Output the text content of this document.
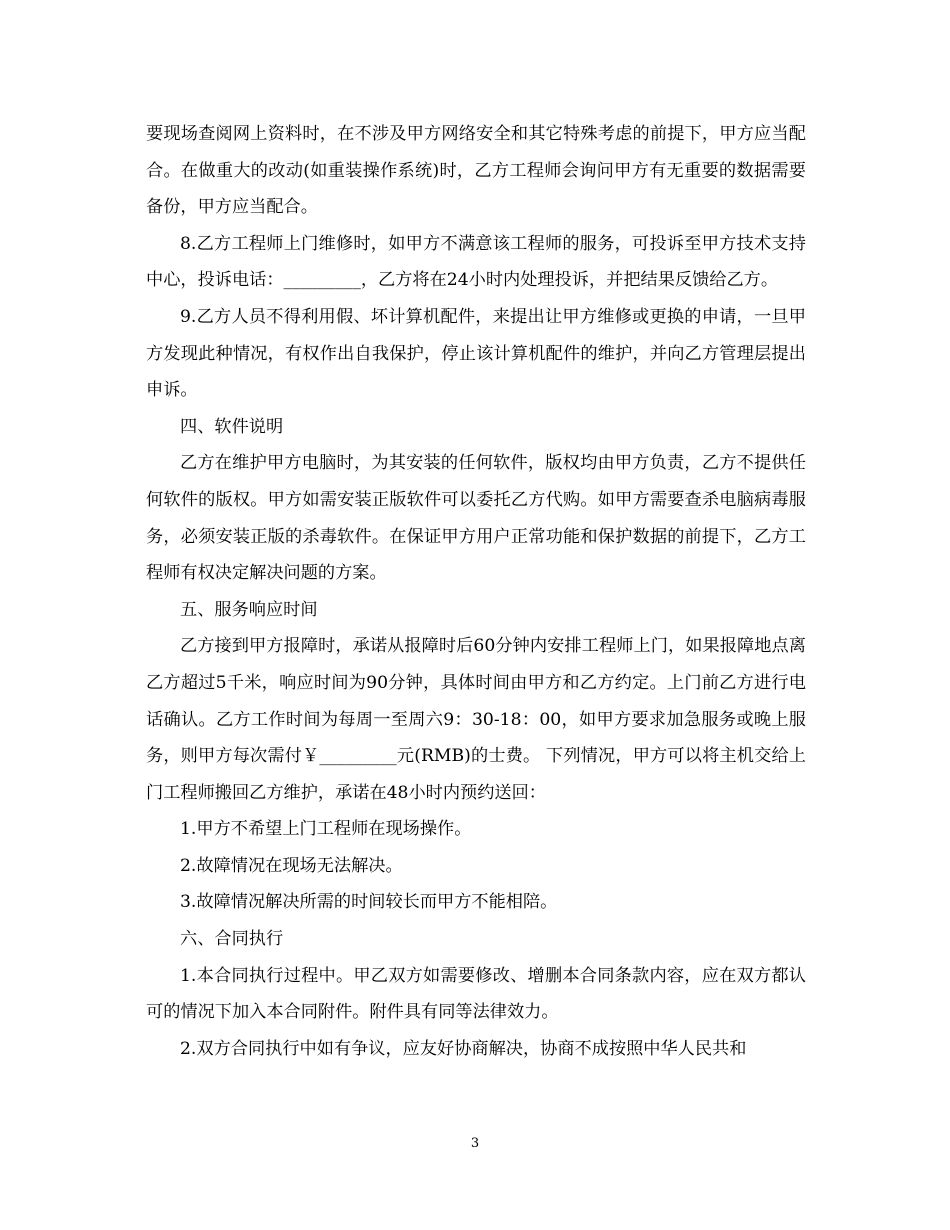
要现场查阅网上资料时，在不涉及甲方网络安全和其它特殊考虑的前提下，甲方应当配合。在做重大的改动(如重装操作系统)时，乙方工程师会询问甲方有无重要的数据需要备份，甲方应当配合。

8.乙方工程师上门维修时，如甲方不满意该工程师的服务，可投诉至甲方技术支持中心，投诉电话：_________，乙方将在24小时内处理投诉，并把结果反馈给乙方。

9.乙方人员不得利用假、坏计算机配件，来提出让甲方维修或更换的申请，一旦甲方发现此种情况，有权作出自我保护，停止该计算机配件的维护，并向乙方管理层提出申诉。

四、软件说明

乙方在维护甲方电脑时，为其安装的任何软件，版权均由甲方负责，乙方不提供任何软件的版权。甲方如需安装正版软件可以委托乙方代购。如甲方需要查杀电脑病毒服务，必须安装正版的杀毒软件。在保证甲方用户正常功能和保护数据的前提下，乙方工程师有权决定解决问题的方案。

五、服务响应时间

乙方接到甲方报障时，承诺从报障时后60分钟内安排工程师上门，如果报障地点离乙方超过5千米，响应时间为90分钟，具体时间由甲方和乙方约定。上门前乙方进行电话确认。乙方工作时间为每周一至周六9：30-18：00，如甲方要求加急服务或晚上服务，则甲方每次需付￥_________元(RMB)的士费。 下列情况，甲方可以将主机交给上门工程师搬回乙方维护，承诺在48小时内预约送回：

1.甲方不希望上门工程师在现场操作。

2.故障情况在现场无法解决。

3.故障情况解决所需的时间较长而甲方不能相陪。

六、合同执行

1.本合同执行过程中。甲乙双方如需要修改、增删本合同条款内容，应在双方都认可的情况下加入本合同附件。附件具有同等法律效力。

2.双方合同执行中如有争议，应友好协商解决，协商不成按照中华人民共和

3
